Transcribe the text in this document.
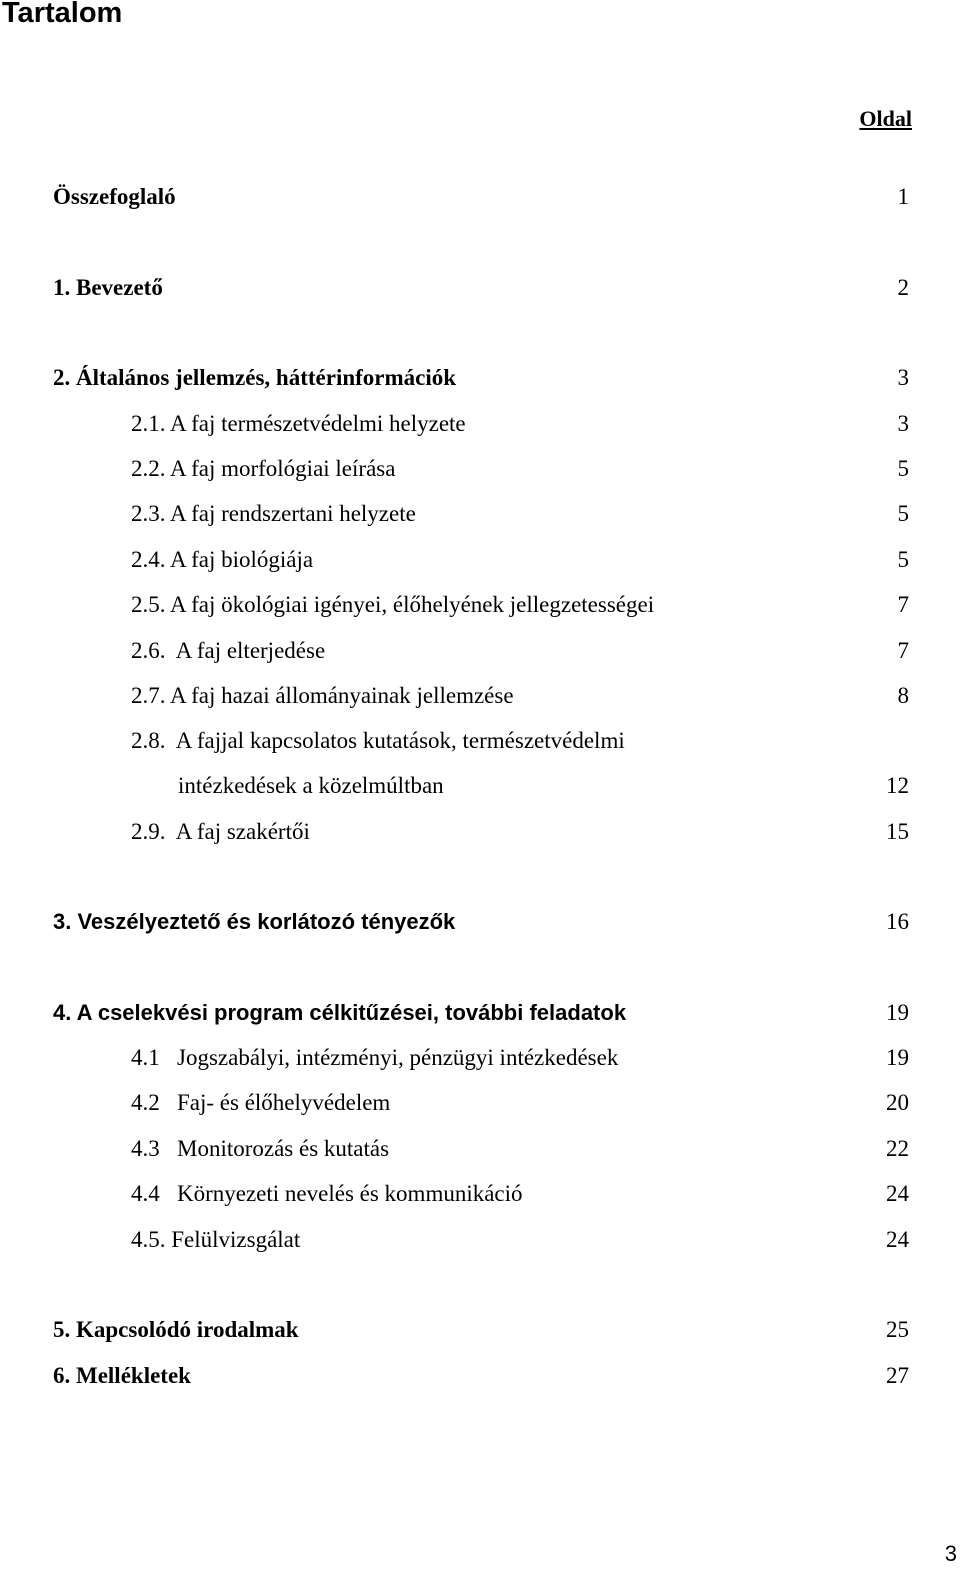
Tartalom
Oldal
Összefoglaló	1
1. Bevezető	2
2. Általános jellemzés, háttérinformációk	3
2.1. A faj természetvédelmi helyzete	3
2.2. A faj morfológiai leírása	5
2.3. A faj rendszertani helyzete	5
2.4. A faj biológiája	5
2.5. A faj ökológiai igényei, élőhelyének jellegzetességei	7
2.6.  A faj elterjedése	7
2.7. A faj hazai állományainak jellemzése	8
2.8.  A fajjal kapcsolatos kutatások, természetvédelmi
intézkedések a közelmúltban	12
2.9.  A faj szakértői	15
3. Veszélyeztető és korlátozó tényezők	16
4. A cselekvési program célkitűzései, további feladatok	19
4.1   Jogszabályi, intézményi, pénzügyi intézkedések	19
4.2   Faj- és élőhelyvédelem	20
4.3   Monitorozás és kutatás	22
4.4   Környezeti nevelés és kommunikáció	24
4.5. Felülvizsgálat	24
5. Kapcsolódó irodalmak	25
6. Mellékletek	27
3
